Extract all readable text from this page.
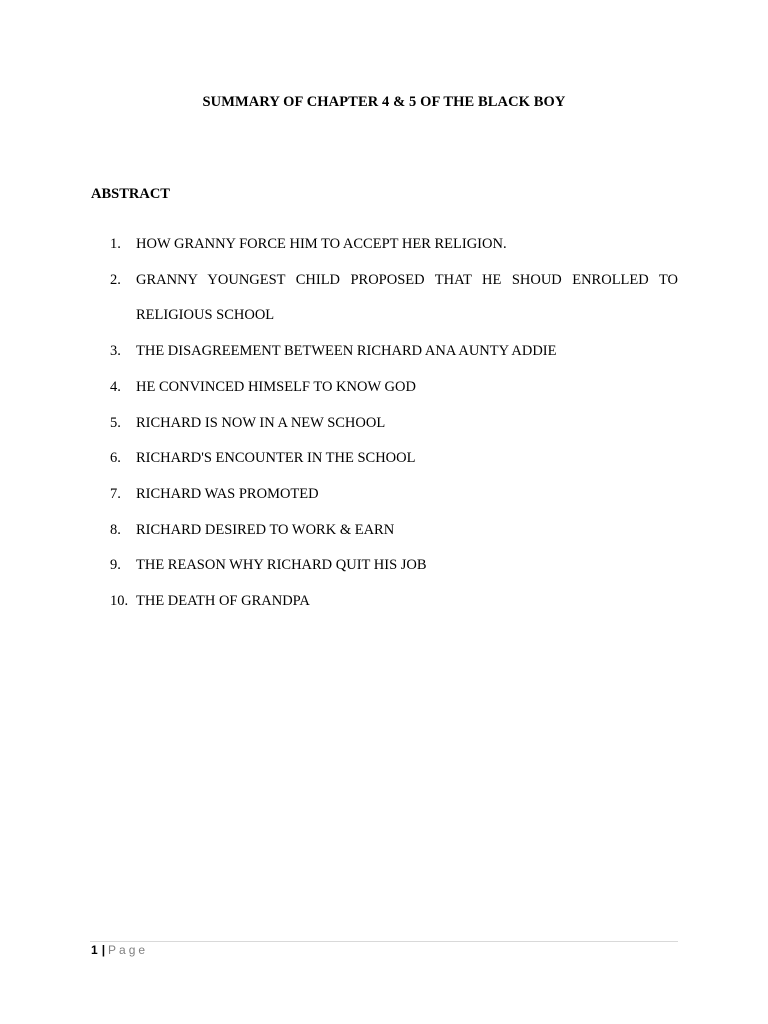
SUMMARY OF CHAPTER 4 & 5 OF THE BLACK BOY
ABSTRACT
1.	HOW GRANNY FORCE HIM TO ACCEPT HER RELIGION.
2.	GRANNY YOUNGEST CHILD PROPOSED THAT HE SHOUD ENROLLED TO RELIGIOUS SCHOOL
3.	THE DISAGREEMENT BETWEEN RICHARD ANA AUNTY ADDIE
4.	HE CONVINCED HIMSELF TO KNOW GOD
5.	RICHARD IS NOW IN A NEW SCHOOL
6.	RICHARD'S ENCOUNTER IN THE SCHOOL
7.	RICHARD WAS PROMOTED
8.	RICHARD DESIRED TO WORK & EARN
9.	THE REASON WHY RICHARD QUIT HIS JOB
10. THE DEATH OF GRANDPA
1 | Page
